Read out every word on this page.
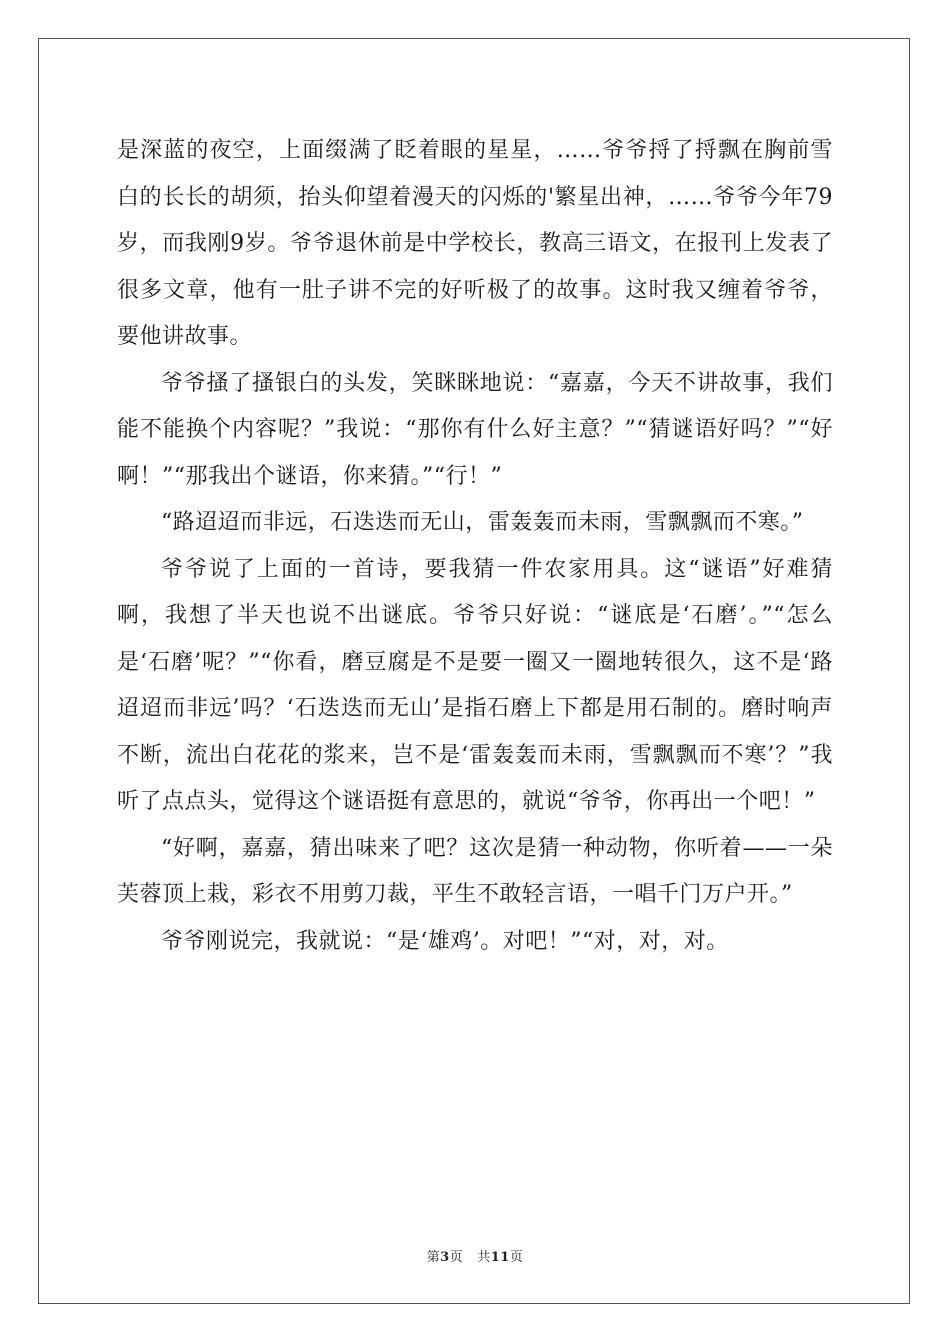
是深蓝的夜空，上面缀满了眨着眼的星星，……爷爷捋了捋飘在胸前雪白的长长的胡须，抬头仰望着漫天的闪烁的'繁星出神，……爷爷今年79岁，而我刚9岁。爷爷退休前是中学校长，教高三语文，在报刊上发表了很多文章，他有一肚子讲不完的好听极了的故事。这时我又缠着爷爷，要他讲故事。

爷爷搔了搔银白的头发，笑眯眯地说：“嘉嘉，今天不讲故事，我们能不能换个内容呢？”我说：“那你有什么好主意？”“猜谜语好吗？”“好啊！”“那我出个谜语，你来猜。”“行！”

“路迢迢而非远，石迭迭而无山，雷轰轰而未雨，雪飘飘而不寒。”

爷爷说了上面的一首诗，要我猜一件农家用具。这“谜语”好难猜啊，我想了半天也说不出谜底。爷爷只好说：“谜底是‘石磨’。”“怎么是‘石磨’呢？”“你看，磨豆腐是不是要一圈又一圈地转很久，这不是‘路迢迢而非远’吗？‘石迭迭而无山’是指石磨上下都是用石制的。磨时响声不断，流出白花花的浆来，岂不是‘雷轰轰而未雨，雪飘飘而不寒’？”我听了点点头，觉得这个谜语挺有意思的，就说“爷爷，你再出一个吧！”

“好啊，嘉嘉，猜出味来了吧？这次是猜一种动物，你听着——一朵芙蓉顶上栽，彩衣不用剪刀裁，平生不敢轻言语，一唱千门万户开。”

爷爷刚说完，我就说：“是‘雄鸡’。对吧！”“对，对，对。

第3页 共11页
